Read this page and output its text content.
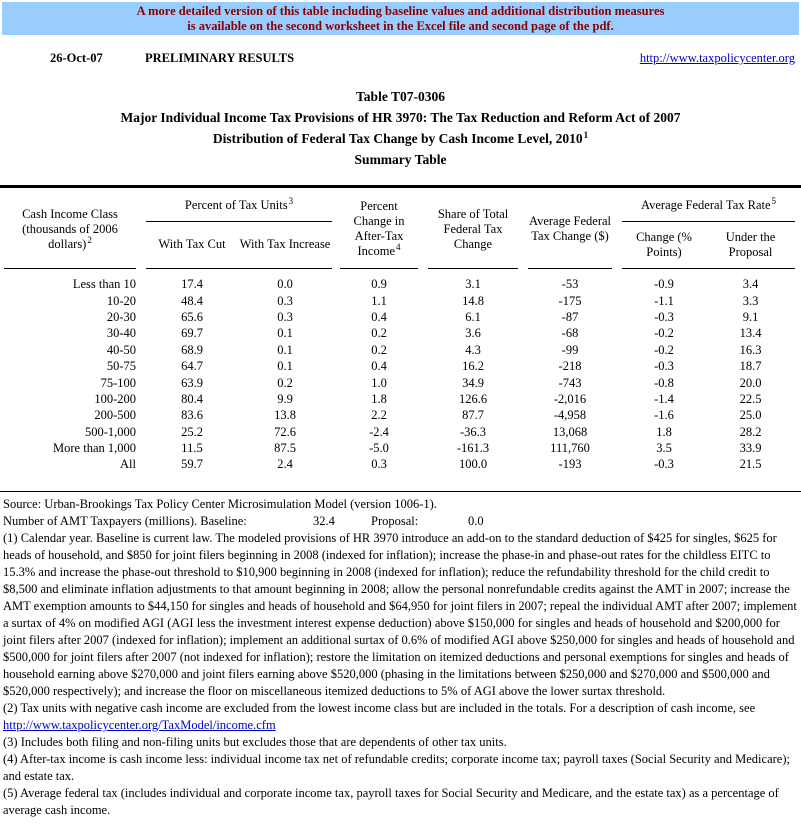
A more detailed version of this table including baseline values and additional distribution measures
is available on the second worksheet in the Excel file and second page of the pdf.
26-Oct-07	PRELIMINARY RESULTS	http://www.taxpolicycenter.org
Table T07-0306
Major Individual Income Tax Provisions of HR 3970: The Tax Reduction and Reform Act of 2007
Distribution of Federal Tax Change by Cash Income Level, 2010$^1$
Summary Table
Cash Income Class (thousands of 2006 dollars)$^2$		Percent of Tax Units$^3$			Percent Change in After-Tax Income$^4$		Share of Total Federal Tax Change		Average Federal Tax Change ($)		Average Federal Tax Rate$^5$
		With Tax Cut	With Tax Increase								Change (% Points)	Under the Proposal

Less than 10		17.4	0.0		0.9		3.1		-53		-0.9	3.4
10-20		48.4	0.3		1.1		14.8		-175		-1.1	3.3
20-30		65.6	0.3		0.4		6.1		-87		-0.3	9.1
30-40		69.7	0.1		0.2		3.6		-68		-0.2	13.4
40-50		68.9	0.1		0.2		4.3		-99		-0.2	16.3
50-75		64.7	0.1		0.4		16.2		-218		-0.3	18.7
75-100		63.9	0.2		1.0		34.9		-743		-0.8	20.0
100-200		80.4	9.9		1.8		126.6		-2,016		-1.4	22.5
200-500		83.6	13.8		2.2		87.7		-4,958		-1.6	25.0
500-1,000		25.2	72.6		-2.4		-36.3		13,068		1.8	28.2
More than 1,000		11.5	87.5		-5.0		-161.3		111,760		3.5	33.9
All		59.7	2.4		0.3		100.0		-193		-0.3	21.5

Source: Urban-Brookings Tax Policy Center Microsimulation Model (version 1006-1).

Number of AMT Taxpayers (millions). Baseline:	32.4	Proposal:	0.0

(1) Calendar year. Baseline is current law. The modeled provisions of HR 3970 introduce an add-on to the standard deduction of $425 for singles, $625 for heads of household, and $850 for joint filers beginning in 2008 (indexed for inflation); increase the phase-in and phase-out rates for the childless EITC to 15.3% and increase the phase-out threshold to $10,900 beginning in 2008 (indexed for inflation); reduce the refundability threshold for the child credit to $8,500 and eliminate inflation adjustments to that amount beginning in 2008; allow the personal nonrefundable credits against the AMT in 2007; increase the AMT exemption amounts to $44,150 for singles and heads of household and $64,950 for joint filers in 2007; repeal the individual AMT after 2007; implement a surtax of 4% on modified AGI (AGI less the investment interest expense deduction) above $150,000 for singles and heads of household and $200,000 for joint filers after 2007 (indexed for inflation); implement an additional surtax of 0.6% of modified AGI above $250,000 for singles and heads of household and $500,000 for joint filers after 2007 (not indexed for inflation); restore the limitation on itemized deductions and personal exemptions for singles and heads of household earning above $270,000 and joint filers earning above $520,000 (phasing in the limitations between $250,000 and $270,000 and $500,000 and $520,000 respectively); and increase the floor on miscellaneous itemized deductions to 5% of AGI above the lower surtax threshold.

(2) Tax units with negative cash income are excluded from the lowest income class but are included in the totals. For a description of cash income, see
http://www.taxpolicycenter.org/TaxModel/income.cfm

(3) Includes both filing and non-filing units but excludes those that are dependents of other tax units.

(4) After-tax income is cash income less: individual income tax net of refundable credits; corporate income tax; payroll taxes (Social Security and Medicare); and estate tax.

(5) Average federal tax (includes individual and corporate income tax, payroll taxes for Social Security and Medicare, and the estate tax) as a percentage of average cash income.
